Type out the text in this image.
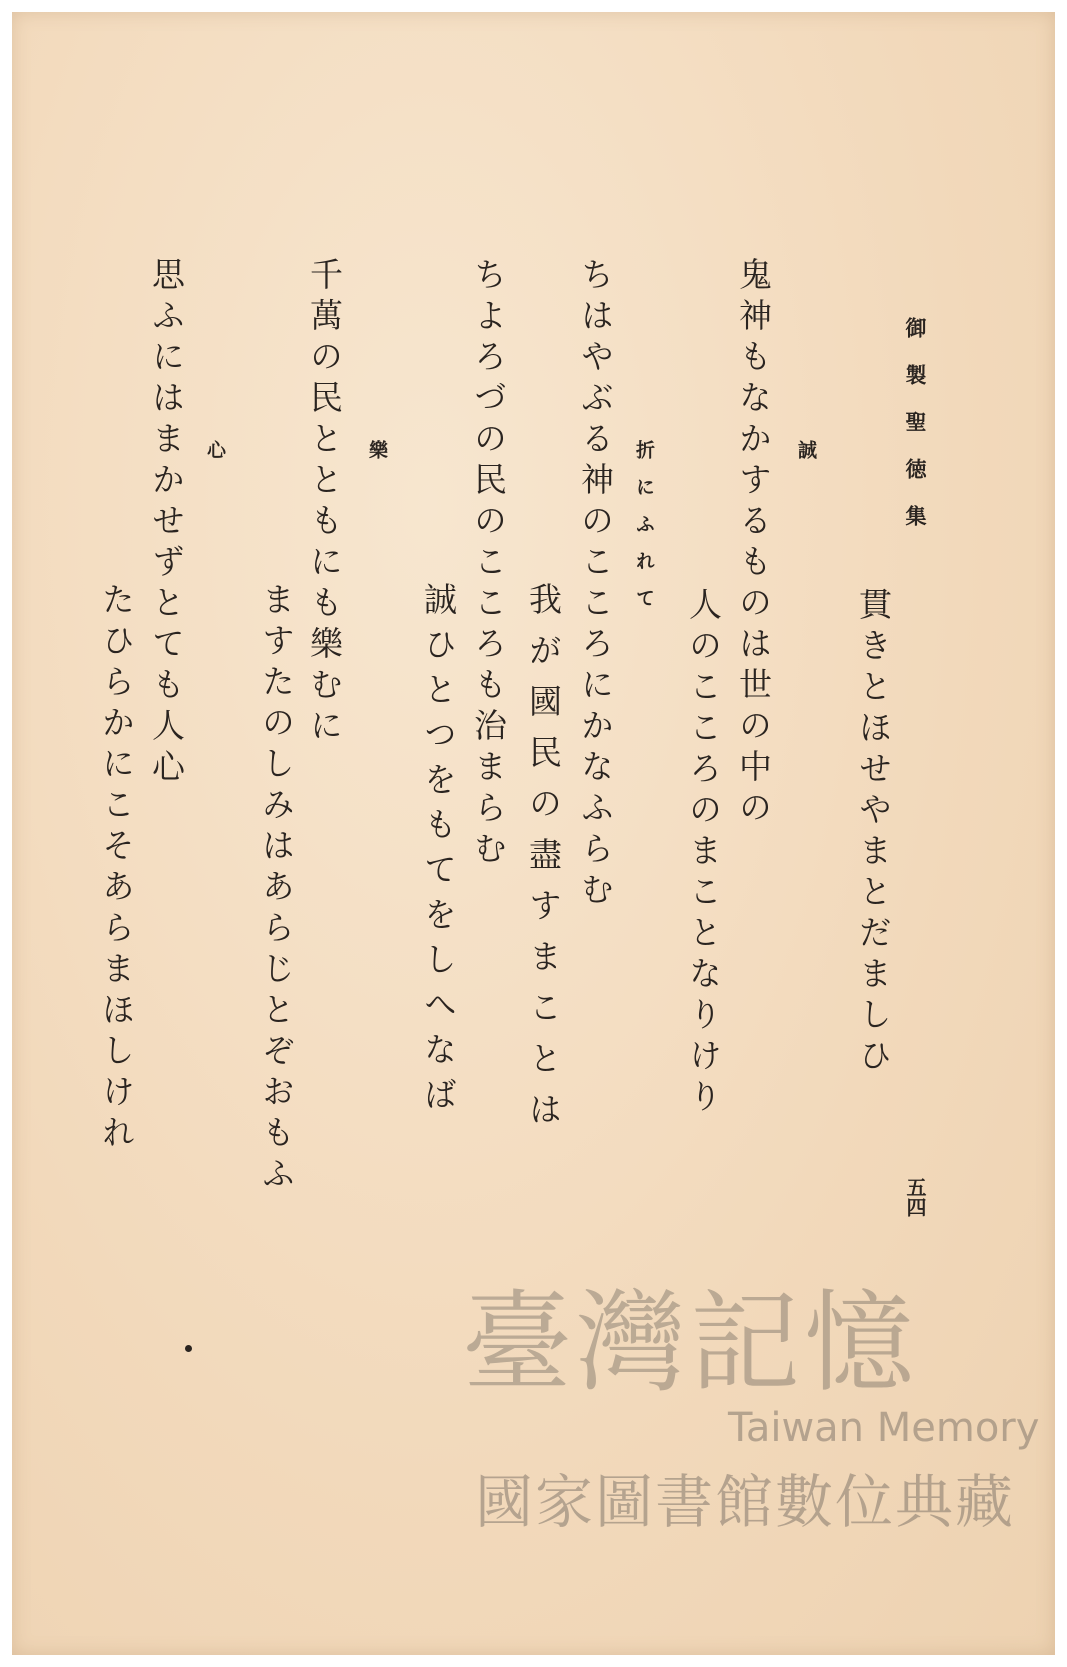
御製聖徳集
貫きとほせやまとだましひ
誠
鬼神もなかするものは世の中の
人のこころのまことなりけり
折にふれて
ちはやぶる神のこころにかなふらむ
我が國民の盡すまことは
ちよろづの民のこころも治まらむ
誠ひとつをもてをしへなば
樂
千萬の民とともにも樂むに
ますたのしみはあらじとぞおもふ
心
思ふにはまかせずとても人心
たひらかにこそあらまほしけれ
五四
臺灣記憶
Taiwan Memory
國家圖書館數位典藏
